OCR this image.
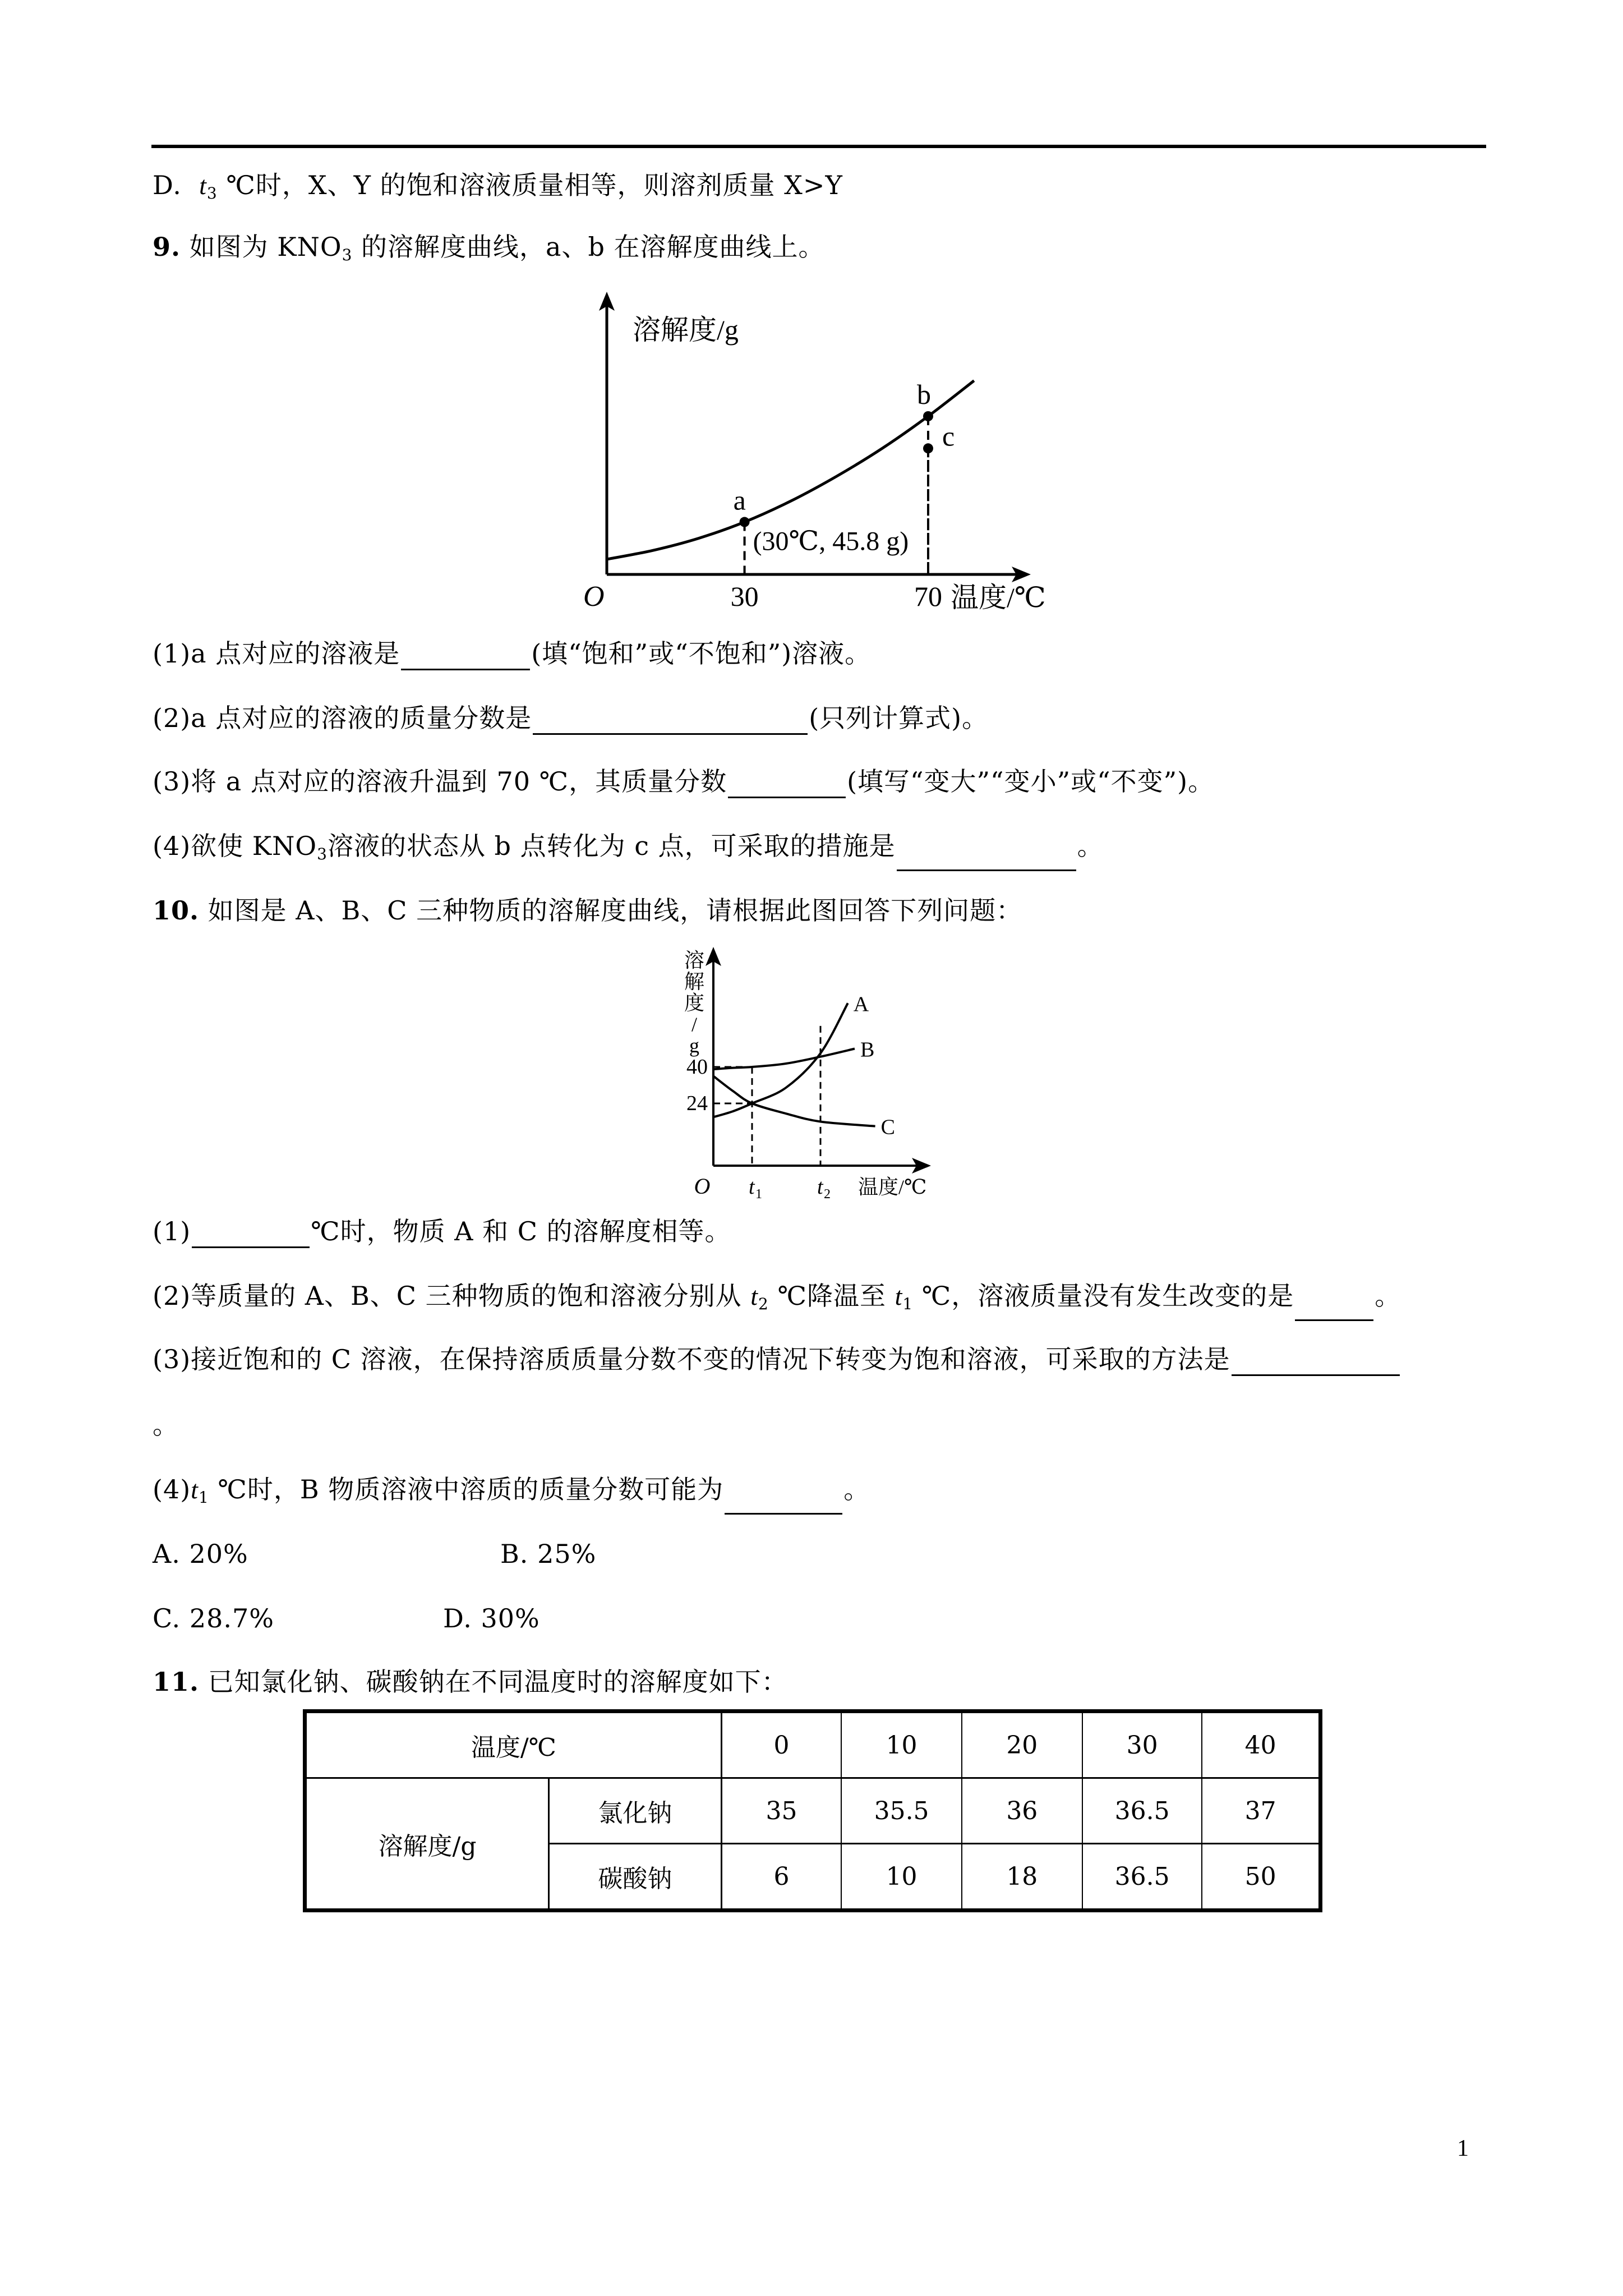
D. $t_3$ ℃时，X、Y 的饱和溶液质量相等，则溶剂质量 X>Y
9. 如图为 $KNO_3$ 的溶解度曲线，a、b 在溶解度曲线上。
溶解度/g
温度/℃
O	30	70
a
(30℃, 45.8 g)
b
c
(1)a 点对应的溶液是	(填“饱和”或“不饱和”)溶液。
(2)a 点对应的溶液的质量分数是	(只列计算式)。
(3)将 a 点对应的溶液升温到 70 ℃，其质量分数	(填写“变大”“变小”或“不变”)。
(4)欲使 $KNO_3$溶液的状态从 b 点转化为 c 点，可采取的措施是	。
10. 如图是 A、B、C 三种物质的溶解度曲线，请根据此图回答下列问题：
溶
解
度
/
g
温度/℃
O
40
24
t 1	t 2
A
B
C
(1)	℃时，物质 A 和 C 的溶解度相等。
(2)等质量的 A、B、C 三种物质的饱和溶液分别从 $t_2$ ℃降温至 $t_1$ ℃，溶液质量没有发生改变的是	。
(3)接近饱和的 C 溶液，在保持溶质质量分数不变的情况下转变为饱和溶液，可采取的方法是
。
$(4)t_1$ ℃时，B 物质溶液中溶质的质量分数可能为	。
A. 20%	B. 25%
C. 28.7%	D. 30%
11. 已知氯化钠、碳酸钠在不同温度时的溶解度如下：
温度/℃		0	10	20	30	40
溶解度/g	氯化钠	35	35.5	36	36.5	37
	碳酸钠	6	10	18	36.5	50
1
